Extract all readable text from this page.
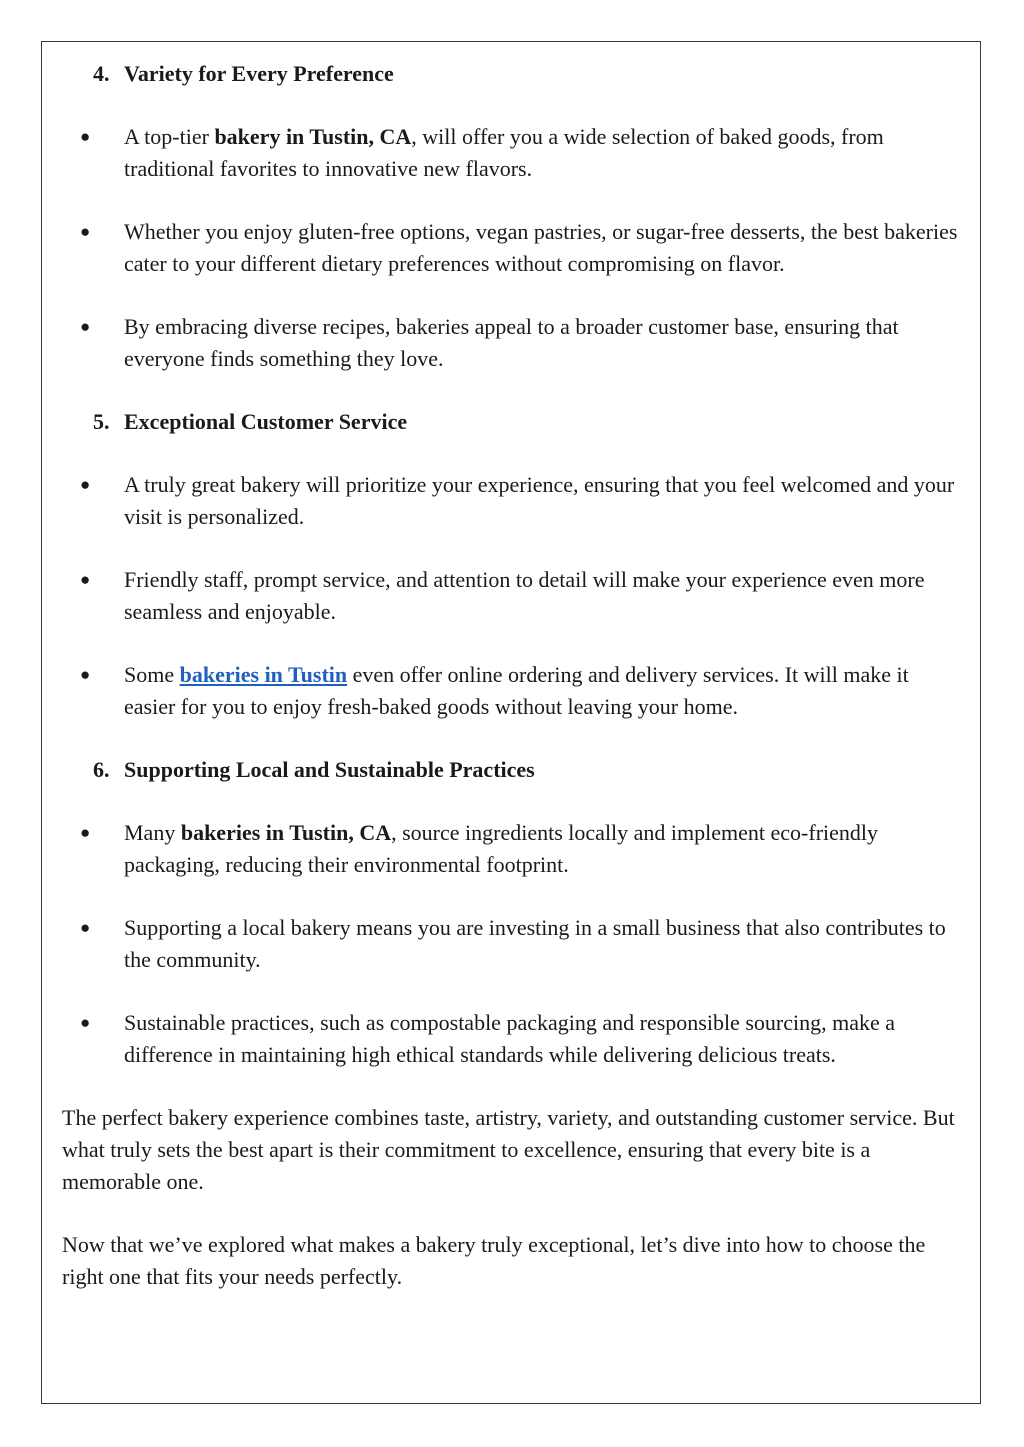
4. Variety for Every Preference
●	A top-tier bakery in Tustin, CA, will offer you a wide selection of baked goods, from traditional favorites to innovative new flavors.
●	Whether you enjoy gluten-free options, vegan pastries, or sugar-free desserts, the best bakeries cater to your different dietary preferences without compromising on flavor.
●	By embracing diverse recipes, bakeries appeal to a broader customer base, ensuring that everyone finds something they love.
5. Exceptional Customer Service
●	A truly great bakery will prioritize your experience, ensuring that you feel welcomed and your visit is personalized.
●	Friendly staff, prompt service, and attention to detail will make your experience even more seamless and enjoyable.
●	Some bakeries in Tustin even offer online ordering and delivery services. It will make it easier for you to enjoy fresh-baked goods without leaving your home.
6. Supporting Local and Sustainable Practices
●	Many bakeries in Tustin, CA, source ingredients locally and implement eco-friendly packaging, reducing their environmental footprint.
●	Supporting a local bakery means you are investing in a small business that also contributes to the community.
●	Sustainable practices, such as compostable packaging and responsible sourcing, make a difference in maintaining high ethical standards while delivering delicious treats.

The perfect bakery experience combines taste, artistry, variety, and outstanding customer service. But what truly sets the best apart is their commitment to excellence, ensuring that every bite is a memorable one.

Now that we’ve explored what makes a bakery truly exceptional, let’s dive into how to choose the right one that fits your needs perfectly.
